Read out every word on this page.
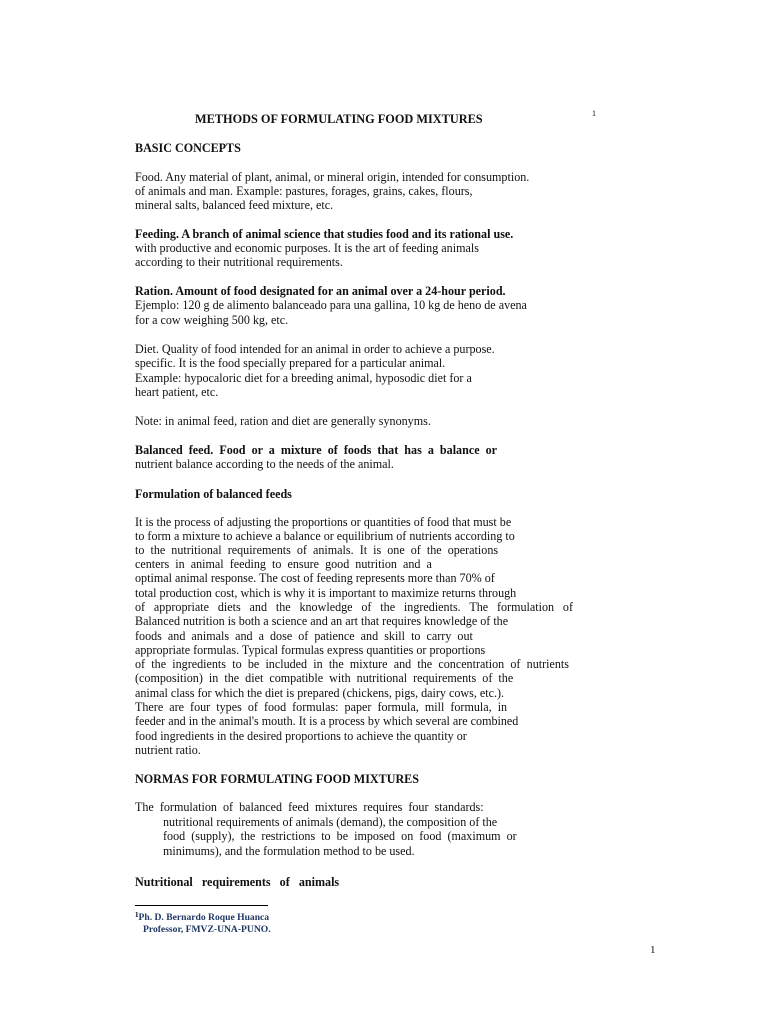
METHODS OF FORMULATING FOOD MIXTURES	1
BASIC CONCEPTS
Food. Any material of plant, animal, or mineral origin, intended for consumption.
of animals and man. Example: pastures, forages, grains, cakes, flours,
mineral salts, balanced feed mixture, etc.
Feeding. A branch of animal science that studies food and its rational use.
with productive and economic purposes. It is the art of feeding animals
according to their nutritional requirements.
Ration. Amount of food designated for an animal over a 24-hour period.
Ejemplo: 120 g de alimento balanceado para una gallina, 10 kg de heno de avena
for a cow weighing 500 kg, etc.
Diet. Quality of food intended for an animal in order to achieve a purpose.
specific. It is the food specially prepared for a particular animal.
Example: hypocaloric diet for a breeding animal, hyposodic diet for a
heart patient, etc.
Note: in animal feed, ration and diet are generally synonyms.
Balanced  feed.  Food  or  a  mixture  of  foods  that  has  a  balance  or
nutrient balance according to the needs of the animal.
Formulation of balanced feeds
It is the process of adjusting the proportions or quantities of food that must be
to form a mixture to achieve a balance or equilibrium of nutrients according to
to  the  nutritional  requirements  of  animals.  It  is  one  of  the  operations
centers  in  animal  feeding  to  ensure  good  nutrition  and  a
optimal animal response. The cost of feeding represents more than 70% of
total production cost, which is why it is important to maximize returns through
of appropriate diets and the knowledge of the ingredients. The formulation of
Balanced nutrition is both a science and an art that requires knowledge of the
foods  and  animals  and  a  dose  of  patience  and  skill  to  carry  out
appropriate formulas. Typical formulas express quantities or proportions
of the ingredients to be included in the mixture and the concentration of nutrients
(composition)  in  the  diet  compatible  with  nutritional  requirements  of  the
animal class for which the diet is prepared (chickens, pigs, dairy cows, etc.).
There  are  four  types  of  food  formulas:  paper  formula,  mill  formula,  in
feeder and in the animal's mouth. It is a process by which several are combined
food ingredients in the desired proportions to achieve the quantity or
nutrient ratio.
NORMAS FOR FORMULATING FOOD MIXTURES
The  formulation  of  balanced  feed  mixtures  requires  four  standards:
nutritional requirements of animals (demand), the composition of the
food  (supply),  the  restrictions  to  be  imposed  on  food  (maximum  or
minimums), and the formulation method to be used.
Nutritional   requirements   of   animals
$^1$Ph. D. Bernardo Roque Huanca
Professor, FMVZ-UNA-PUNO.
1
